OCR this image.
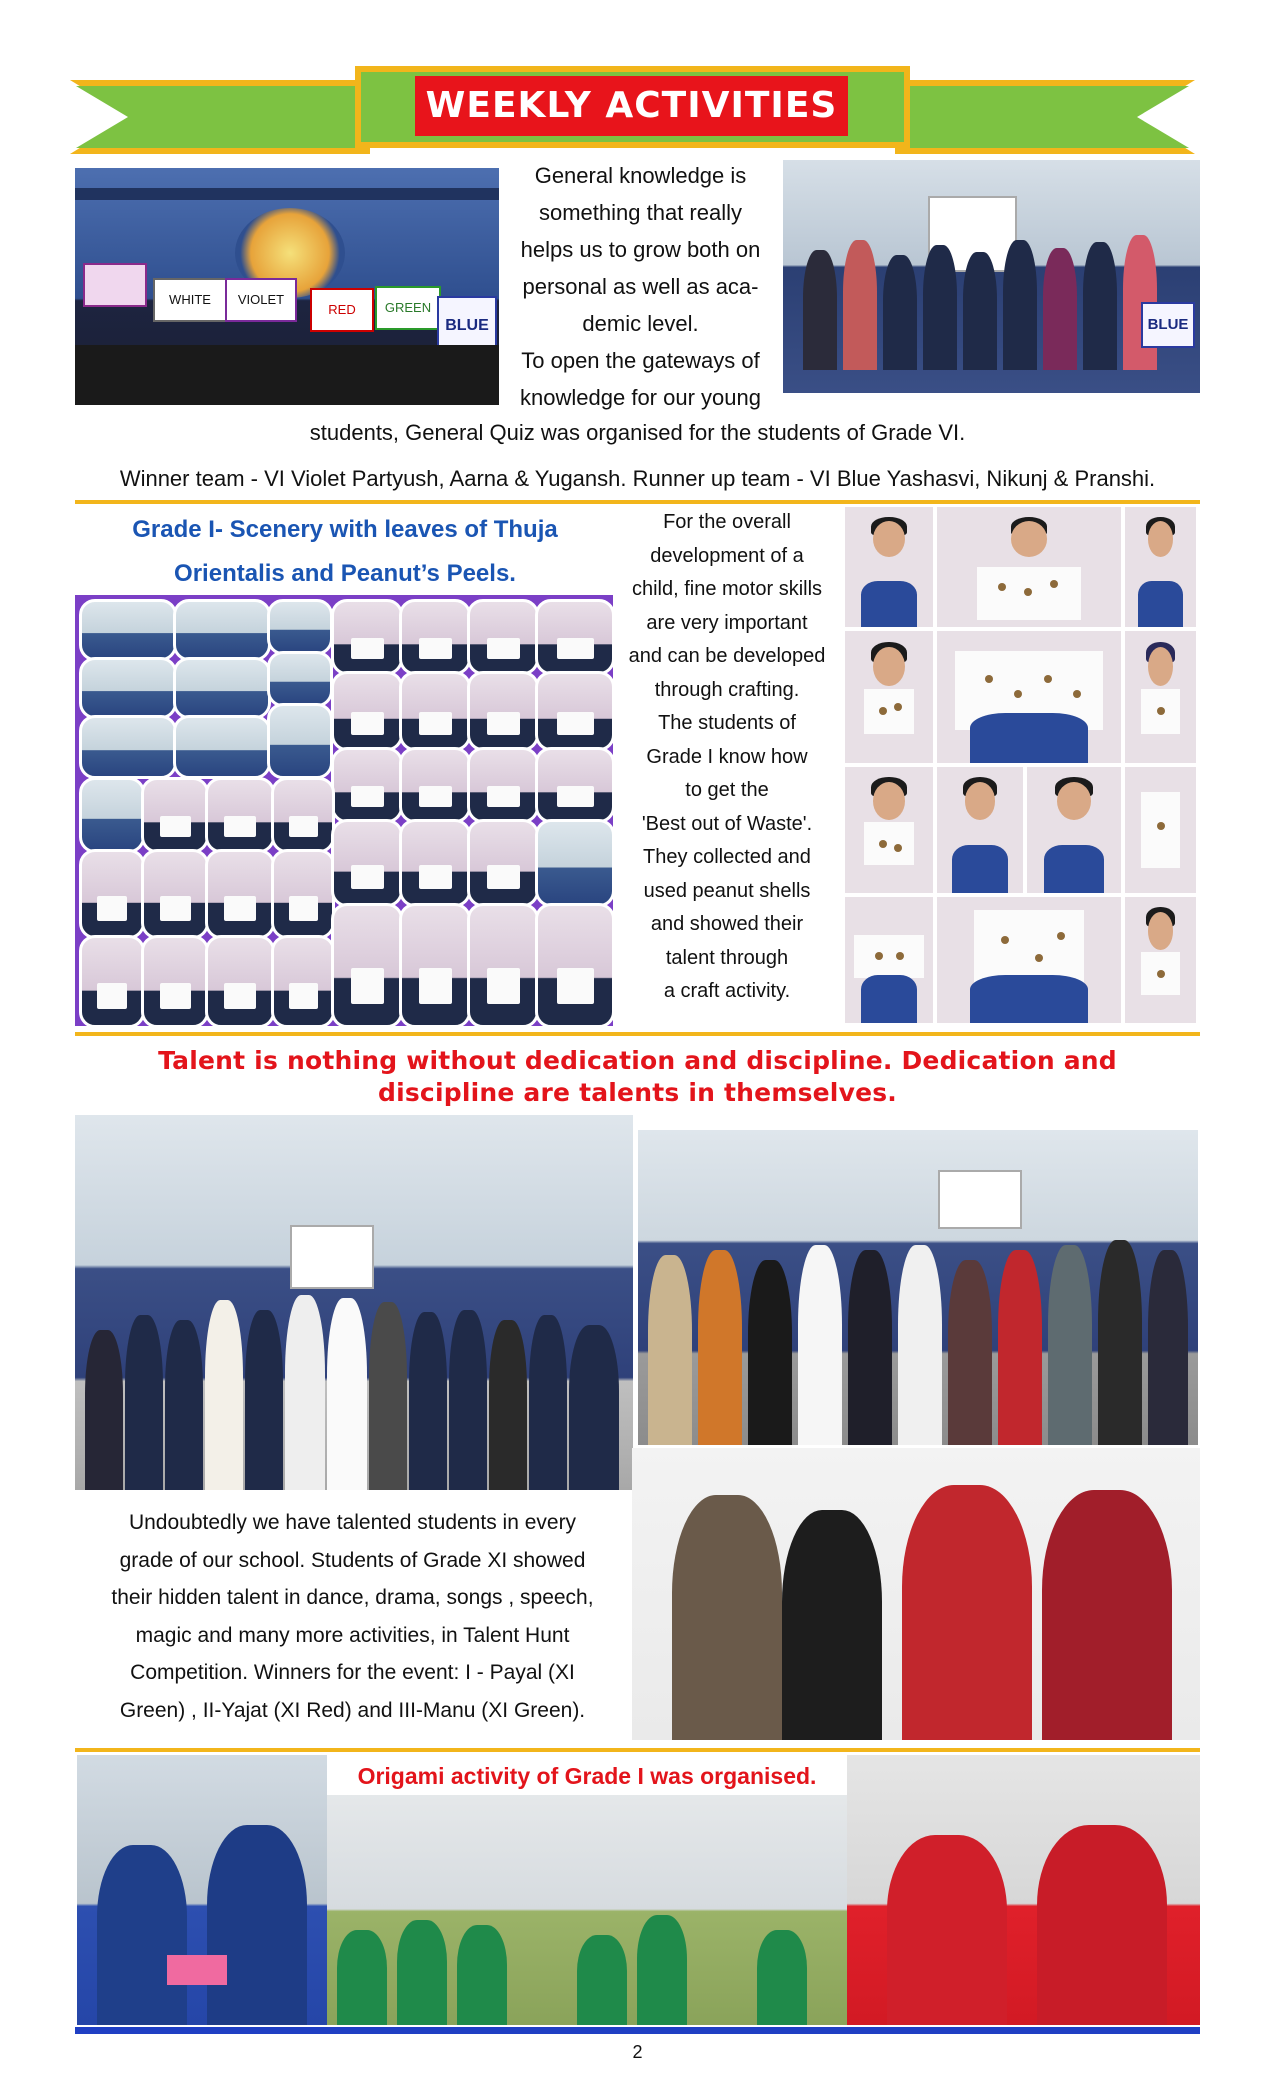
WEEKLY ACTIVITIES
WHITE	VIOLET
RED	GREEN
BLUE
General knowledge is
something that really
helps us to grow both on
personal as well as aca-
demic level.
To open the gateways of
knowledge for our young
BLUE
students, General Quiz was organised for the students of Grade VI.
Winner team - VI Violet Partyush, Aarna & Yugansh. Runner up team - VI Blue Yashasvi, Nikunj & Pranshi.
Grade I- Scenery with leaves of Thuja
Orientalis and Peanut’s Peels.
For the overall
development of a
child, fine motor skills
are very important
and can be developed
through crafting.
The students of
Grade I know how
to get the
'Best out of Waste'.
They collected and
used peanut shells
and showed their
talent through
a craft activity.
Talent is nothing without dedication and discipline. Dedication and
discipline are talents in themselves.
Undoubtedly we have talented students in every
grade of our school. Students of Grade XI showed
their hidden talent in dance, drama, songs , speech,
magic and many more activities, in Talent Hunt
Competition. Winners for the event: I - Payal (XI
Green) , II-Yajat (XI Red) and III-Manu (XI Green).
Origami activity of Grade I was organised.
2
